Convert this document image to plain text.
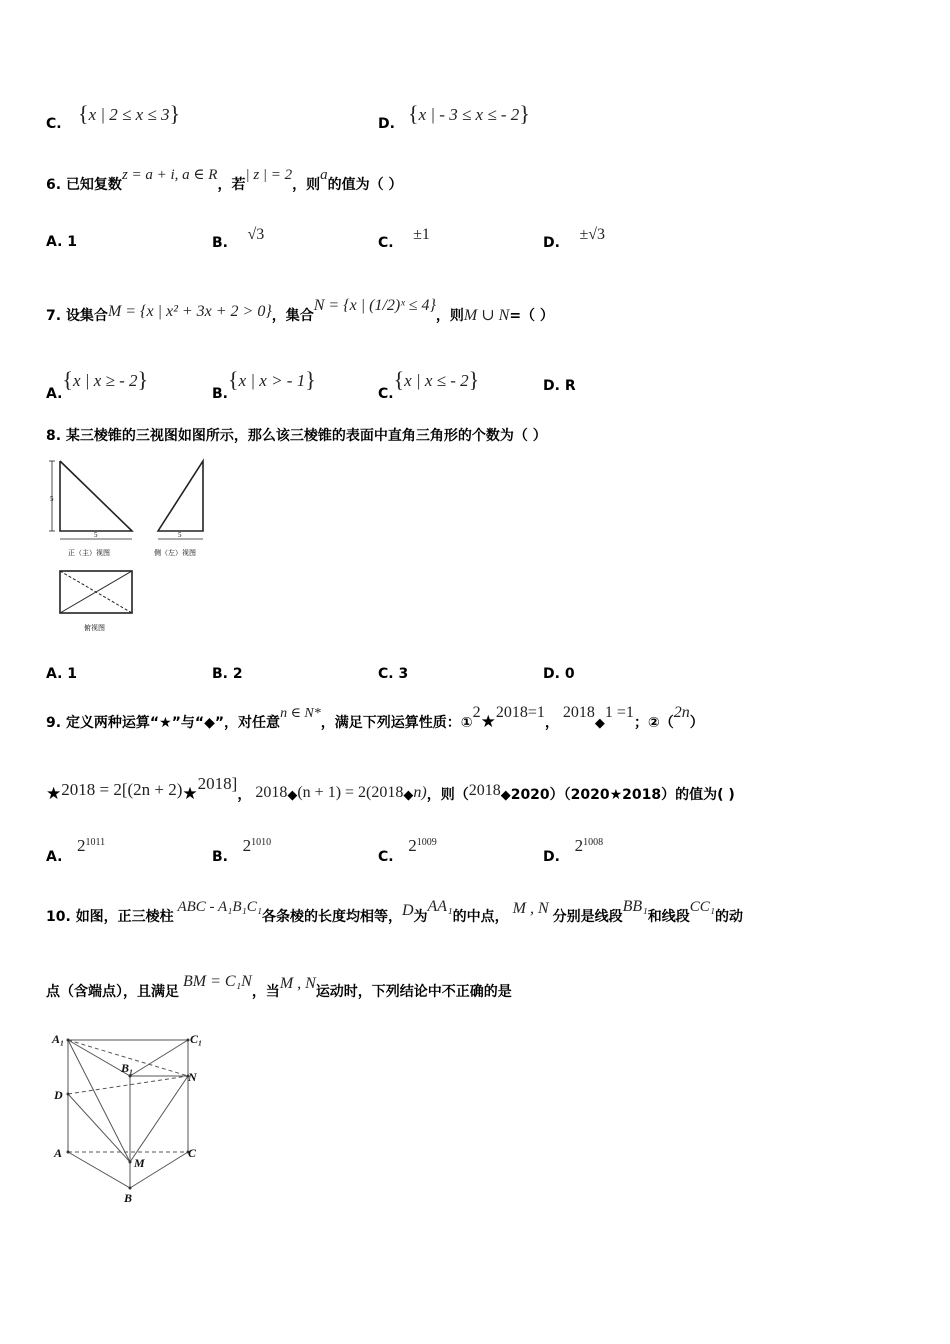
C. {x | 2 ≤ x ≤ 3}	D. {x | - 3 ≤ x ≤ - 2}
6. 已知复数z = a + i, a ∈ R，若| z | = 2，则a的值为（ ）
A. 1	B. √3	C. ±1	D. ±√3
7. 设集合M = {x | x² + 3x + 2 > 0}，集合N = {x | (1/2)ˣ ≤ 4}，则M ∪ N=（ ）
A.{x | x ≥ - 2}
B.{x | x > - 1}
C.{x | x ≤ - 2}	D. R
8. 某三棱锥的三视图如图所示，那么该三棱锥的表面中直角三角形的个数为（ ）
5
5
正（主）视图
5
侧（左）视图
俯视图
A. 1	B. 2	C. 3	D. 0
9. 定义两种运算“★”与“◆”，对任意n ∈ N*，满足下列运算性质：①2★2018=1， 2018◆1 =1；②（2n）
★2018 = 2[(2n + 2)★2018]， 2018◆(n + 1) = 2(2018◆n)，则（2018◆2020）（2020★2018）的值为( )
A.   $2^{1011}$
B.   $2^{1010}$
C.   $2^{1009}$
D.   $2^{1008}$
10. 如图，正三棱柱 ABC - A₁B₁C₁各条棱的长度均相等，D为AA₁的中点， M , N 分别是线段BB₁和线段CC₁的动
点（含端点），且满足 BM = C₁N，当M , N运动时，下列结论中不正确的是
A₁	C₁
B₁
N
D
A	C
M
B
